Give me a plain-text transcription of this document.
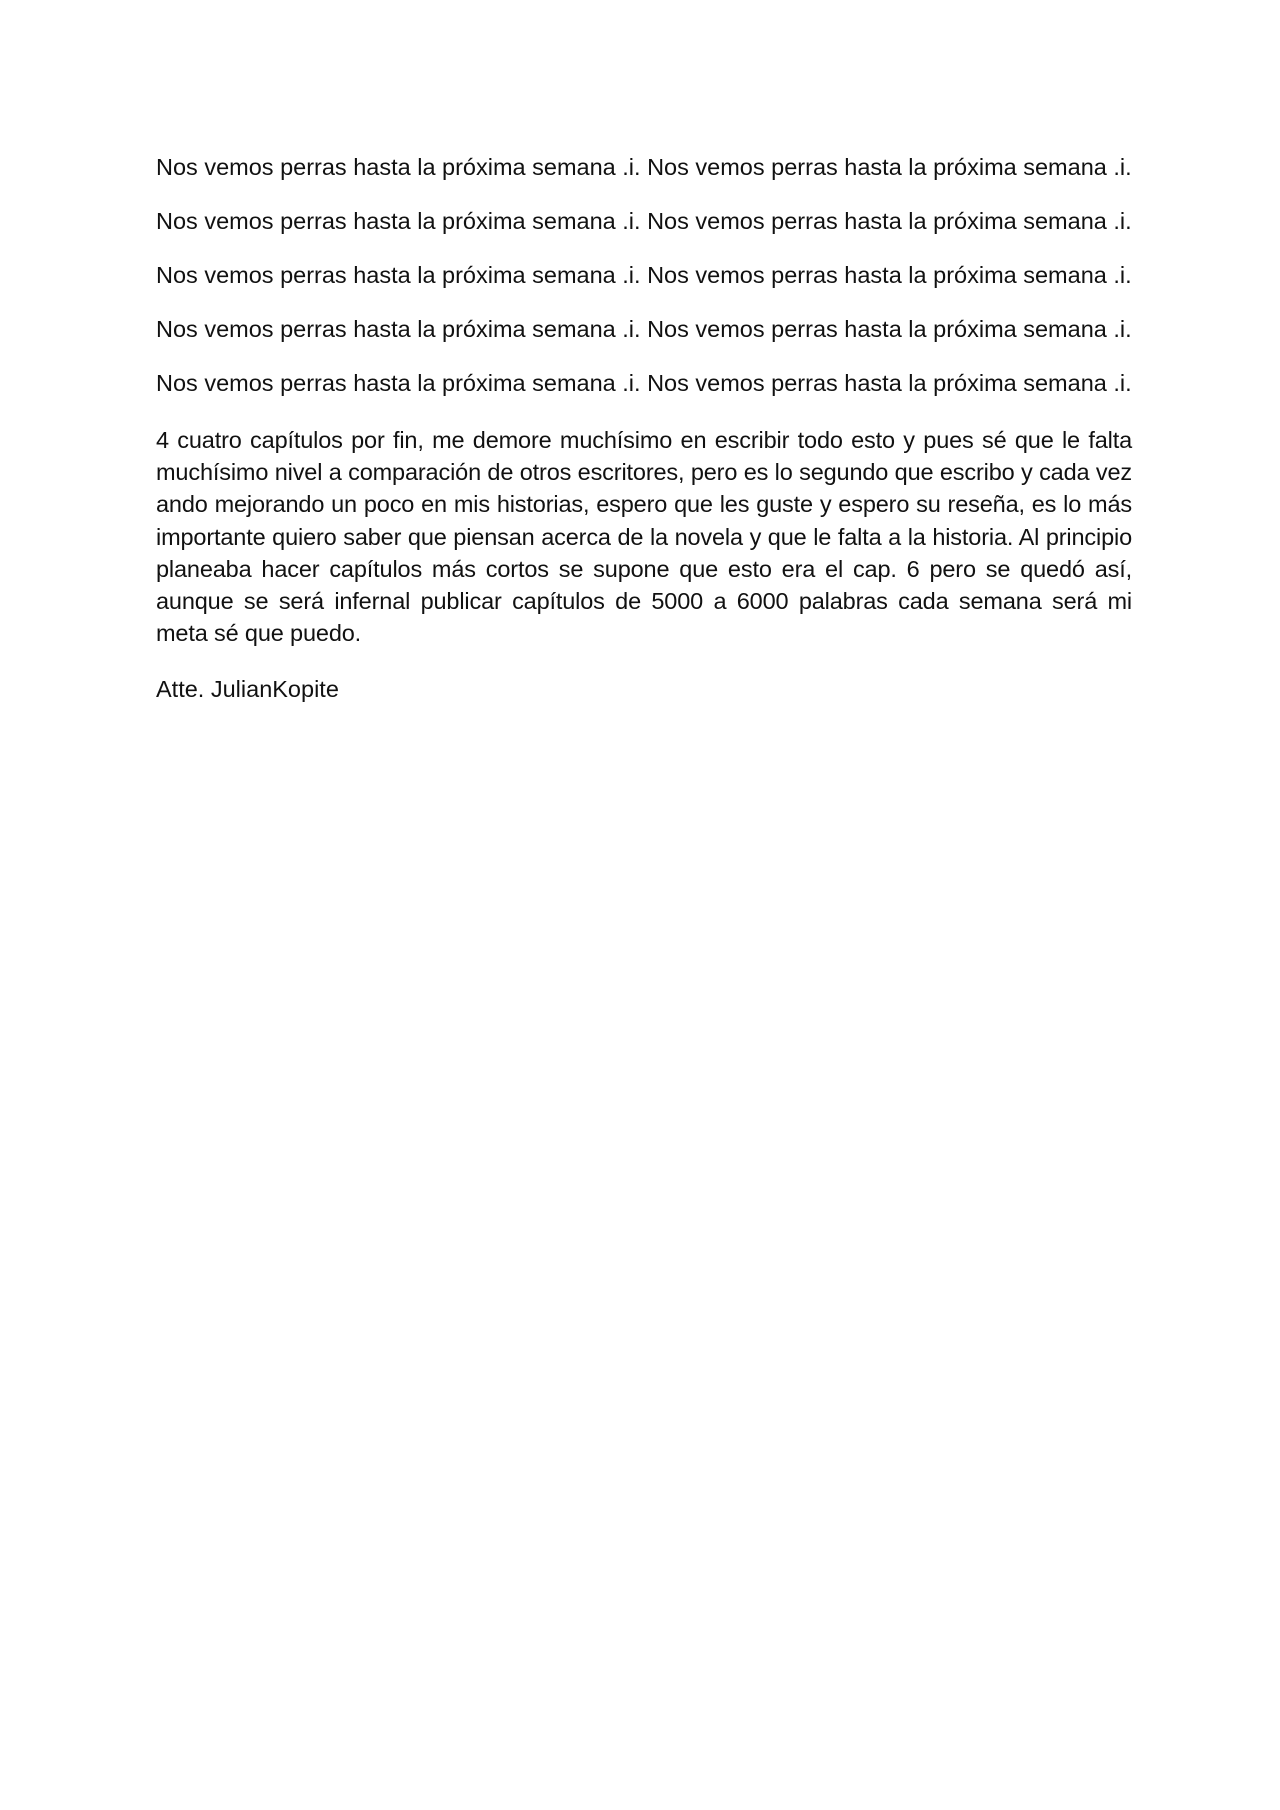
Nos vemos perras hasta la próxima semana .i. Nos vemos perras hasta la próxima semana .i.

Nos vemos perras hasta la próxima semana .i. Nos vemos perras hasta la próxima semana .i.

Nos vemos perras hasta la próxima semana .i. Nos vemos perras hasta la próxima semana .i.

Nos vemos perras hasta la próxima semana .i. Nos vemos perras hasta la próxima semana .i.

Nos vemos perras hasta la próxima semana .i. Nos vemos perras hasta la próxima semana .i.

4 cuatro capítulos por fin, me demore muchísimo en escribir todo esto y pues sé que le falta muchísimo nivel a comparación de otros escritores, pero es lo segundo que escribo y cada vez ando mejorando un poco en mis historias, espero que les guste y espero su reseña, es lo más importante quiero saber que piensan acerca de la novela y que le falta a la historia. Al principio planeaba hacer capítulos más cortos se supone que esto era el cap. 6 pero se quedó así, aunque se será infernal publicar capítulos de 5000 a 6000 palabras cada semana será mi meta sé que puedo.

Atte. JulianKopite
